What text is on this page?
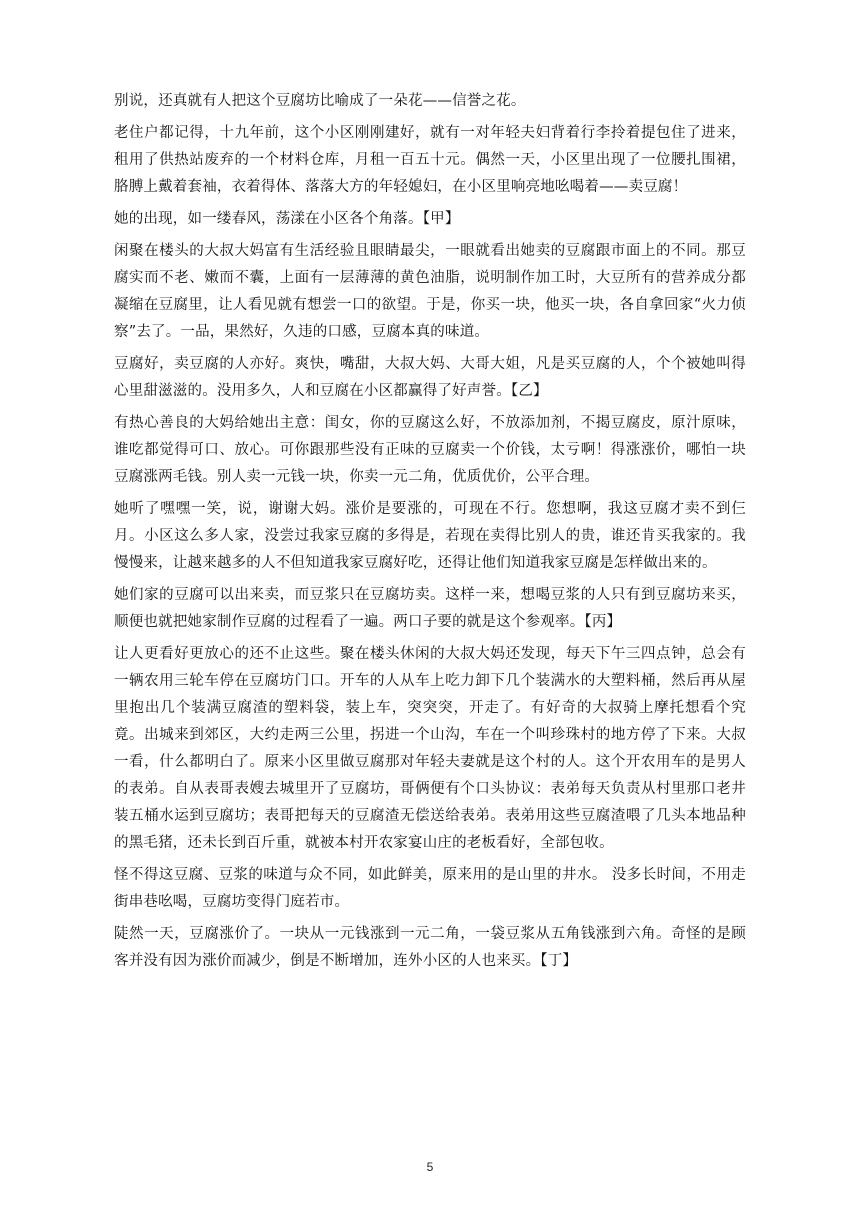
别说，还真就有人把这个豆腐坊比喻成了一朵花——信誉之花。

老住户都记得，十九年前，这个小区刚刚建好，就有一对年轻夫妇背着行李拎着提包住了进来，租用了供热站废弃的一个材料仓库，月租一百五十元。偶然一天，小区里出现了一位腰扎围裙，胳膊上戴着套袖，衣着得体、落落大方的年轻媳妇，在小区里响亮地吆喝着——卖豆腐！

她的出现，如一缕春风，荡漾在小区各个角落。【甲】

闲聚在楼头的大叔大妈富有生活经验且眼睛最尖，一眼就看出她卖的豆腐跟市面上的不同。那豆腐实而不老、嫩而不囊，上面有一层薄薄的黄色油脂，说明制作加工时，大豆所有的营养成分都凝缩在豆腐里，让人看见就有想尝一口的欲望。于是，你买一块，他买一块，各自拿回家“火力侦察”去了。一品，果然好，久违的口感，豆腐本真的味道。

豆腐好，卖豆腐的人亦好。爽快，嘴甜，大叔大妈、大哥大姐，凡是买豆腐的人，个个被她叫得心里甜滋滋的。没用多久，人和豆腐在小区都赢得了好声誉。【乙】

有热心善良的大妈给她出主意：闺女，你的豆腐这么好，不放添加剂，不揭豆腐皮，原汁原味，谁吃都觉得可口、放心。可你跟那些没有正味的豆腐卖一个价钱，太亏啊！得涨涨价，哪怕一块豆腐涨两毛钱。别人卖一元钱一块，你卖一元二角，优质优价，公平合理。

她听了嘿嘿一笑，说，谢谢大妈。涨价是要涨的，可现在不行。您想啊，我这豆腐才卖不到仨月。小区这么多人家，没尝过我家豆腐的多得是，若现在卖得比别人的贵，谁还肯买我家的。我慢慢来，让越来越多的人不但知道我家豆腐好吃，还得让他们知道我家豆腐是怎样做出来的。

她们家的豆腐可以出来卖，而豆浆只在豆腐坊卖。这样一来，想喝豆浆的人只有到豆腐坊来买，顺便也就把她家制作豆腐的过程看了一遍。两口子要的就是这个参观率。【丙】

让人更看好更放心的还不止这些。聚在楼头休闲的大叔大妈还发现，每天下午三四点钟，总会有一辆农用三轮车停在豆腐坊门口。开车的人从车上吃力卸下几个装满水的大塑料桶，然后再从屋里抱出几个装满豆腐渣的塑料袋，装上车，突突突，开走了。有好奇的大叔骑上摩托想看个究竟。出城来到郊区，大约走两三公里，拐进一个山沟，车在一个叫珍珠村的地方停了下来。大叔一看，什么都明白了。原来小区里做豆腐那对年轻夫妻就是这个村的人。这个开农用车的是男人的表弟。自从表哥表嫂去城里开了豆腐坊，哥俩便有个口头协议：表弟每天负责从村里那口老井装五桶水运到豆腐坊；表哥把每天的豆腐渣无偿送给表弟。表弟用这些豆腐渣喂了几头本地品种的黑毛猪，还未长到百斤重，就被本村开农家宴山庄的老板看好，全部包收。

怪不得这豆腐、豆浆的味道与众不同，如此鲜美，原来用的是山里的井水。 没多长时间，不用走街串巷吆喝，豆腐坊变得门庭若市。

陡然一天，豆腐涨价了。一块从一元钱涨到一元二角，一袋豆浆从五角钱涨到六角。奇怪的是顾客并没有因为涨价而减少，倒是不断增加，连外小区的人也来买。【丁】

5
